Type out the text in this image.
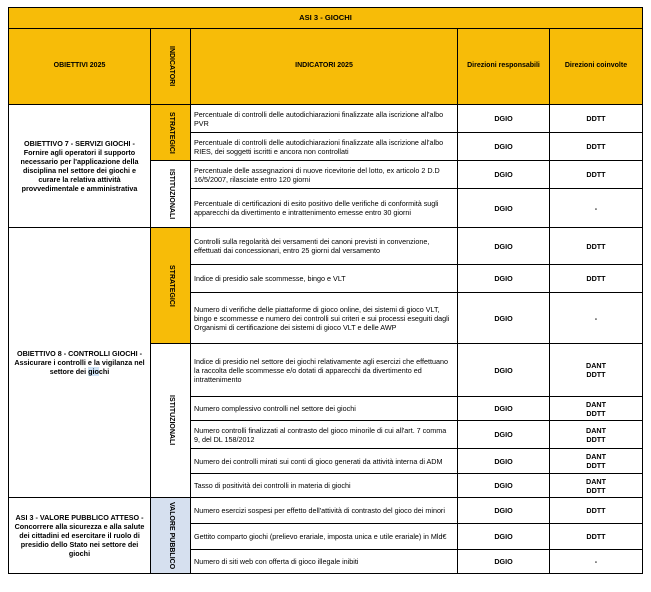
ASI 3 - GIOCHI				
OBIETTIVI 2025	INDICATORI	INDICATORI 2025	Direzioni responsabili	Direzioni coinvolte
OBIETTIVO 7 - SERVIZI GIOCHI - Fornire agli operatori il supporto necessario per l'applicazione della disciplina nel settore dei giochi e curare la relativa attività provvedimentale e amministrativa	STRATEGICI	Percentuale di controlli delle autodichiarazioni finalizzate alla iscrizione all'albo PVR	DGIO	DDTT
		Percentuale di controlli delle autodichiarazioni finalizzate alla iscrizione all'albo RIES, dei soggetti iscritti e ancora non controllati	DGIO	DDTT

	ISTITUZIONALI	Percentuale delle assegnazioni di nuove ricevitorie del lotto, ex articolo 2 D.D 16/5/2007, rilasciate entro 120 giorni	DGIO	DDTT
		Percentuale di certificazioni di esito positivo delle verifiche di conformità sugli apparecchi da divertimento e intrattenimento emesse entro 30 giorni	DGIO	-
OBIETTIVO 8 - CONTROLLI GIOCHI - Assicurare i controlli e la vigilanza nel settore dei giochi	STRATEGICI	Controlli sulla regolarità dei versamenti dei canoni previsti in convenzione, effettuati dai concessionari, entro 25 giorni dal versamento	DGIO	DDTT
		Indice di presidio sale scommesse, bingo e VLT	DGIO	DDTT
		Numero di verifiche delle piattaforme di gioco online, dei sistemi di gioco VLT, bingo e scommesse e numero dei controlli sui criteri e sui processi eseguiti dagli Organismi di certificazione dei sistemi di gioco VLT e delle AWP	DGIO	-

	ISTITUZIONALI	Indice di presidio nel settore dei giochi relativamente agli esercizi che effettuano la raccolta delle scommesse e/o dotati di apparecchi da divertimento ed intrattenimento	DGIO	DANT
DDTT
		Numero complessivo controlli nel settore dei giochi	DGIO	DANT
DDTT
		Numero controlli finalizzati al contrasto del gioco minorile di cui all'art. 7 comma 9, del DL 158/2012	DGIO	DANT
DDTT
		Numero dei controlli mirati sui conti di gioco generati da attività interna di ADM	DGIO	DANT
DDTT
		Tasso di positività dei controlli in materia di giochi	DGIO	DANT
DDTT
ASI 3 - VALORE PUBBLICO ATTESO - Concorrere alla sicurezza e alla salute dei cittadini ed esercitare il ruolo di presidio dello Stato nei settore dei giochi	VALORE PUBBLICO	Numero esercizi sospesi per effetto dell'attività di contrasto del gioco dei minori	DGIO	DDTT
		Gettito comparto giochi (prelievo erariale, imposta unica e utile erariale) in Mld€	DGIO	DDTT
		Numero di siti web con offerta di gioco illegale inibiti	DGIO	-
